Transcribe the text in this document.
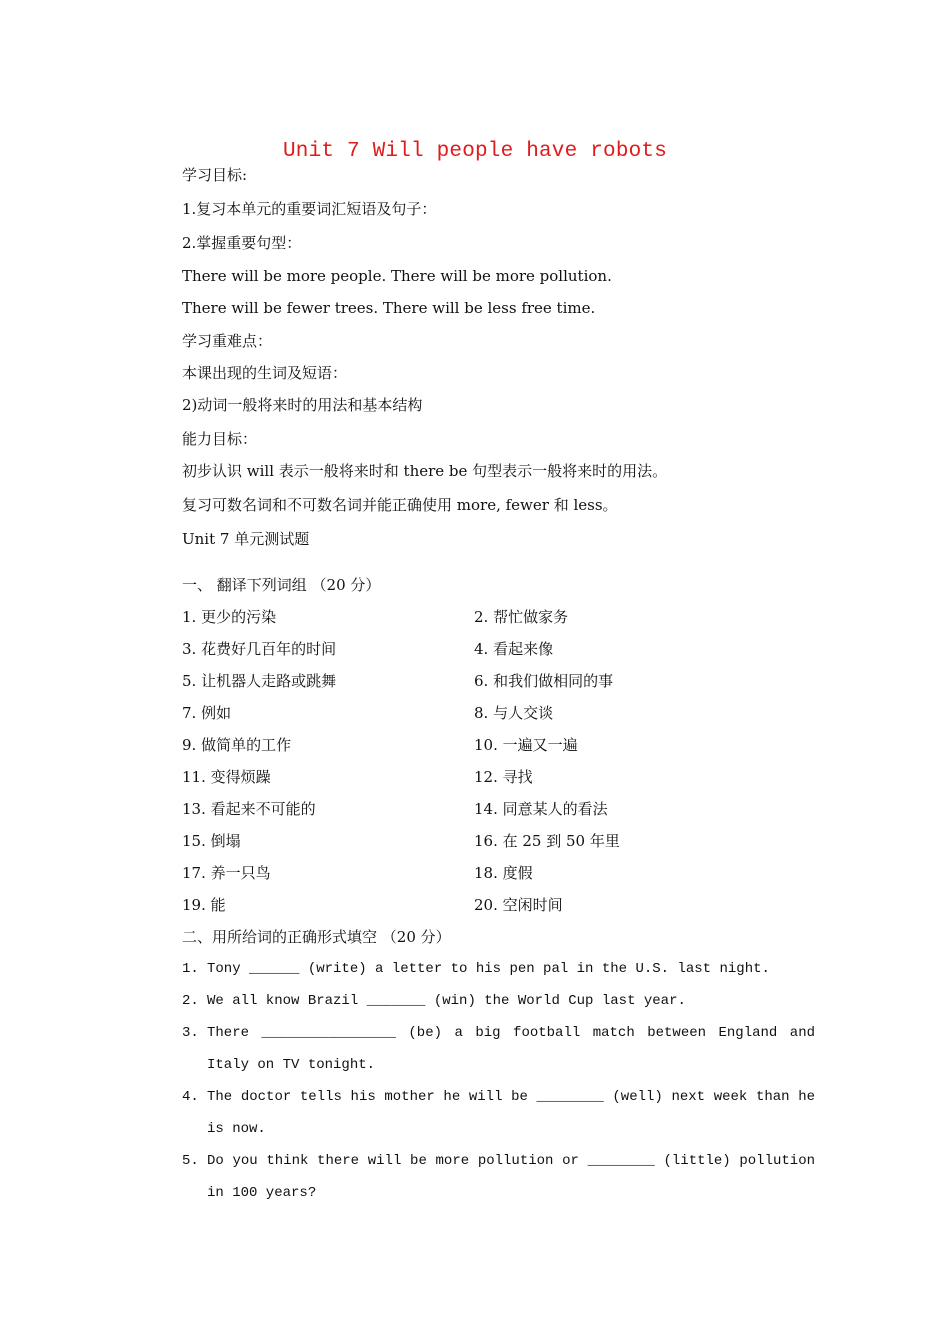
Unit 7 Will people have robots
学习目标:
1.复习本单元的重要词汇短语及句子：
2.掌握重要句型：
There will be more people. There will be more pollution.
There will be fewer trees. There will be less free time.
学习重难点：
本课出现的生词及短语：
2)动词一般将来时的用法和基本结构
能力目标：
初步认识 will 表示一般将来时和 there be 句型表示一般将来时的用法。
复习可数名词和不可数名词并能正确使用 more, fewer 和 less。
Unit 7 单元测试题
一、 翻译下列词组 （20 分）
1. 更少的污染	2. 帮忙做家务
3. 花费好几百年的时间	4. 看起来像
5. 让机器人走路或跳舞	6. 和我们做相同的事
7. 例如	8. 与人交谈
9. 做简单的工作	10. 一遍又一遍
11. 变得烦躁	12. 寻找
13. 看起来不可能的	14. 同意某人的看法
15. 倒塌	16. 在 25 到 50 年里
17. 养一只鸟	18. 度假
19. 能	20. 空闲时间
二、用所给词的正确形式填空 （20 分）
1. Tony ______ (write) a letter to his pen pal in the U.S. last night.
2. We all know Brazil _______ (win) the World Cup last year.
3. There ________________ (be) a big football match between England and
Italy on TV tonight.
4. The doctor tells his mother he will be ________ (well) next week than he
is now.
5. Do you think there will be more pollution or ________ (little) pollution
in 100 years?
